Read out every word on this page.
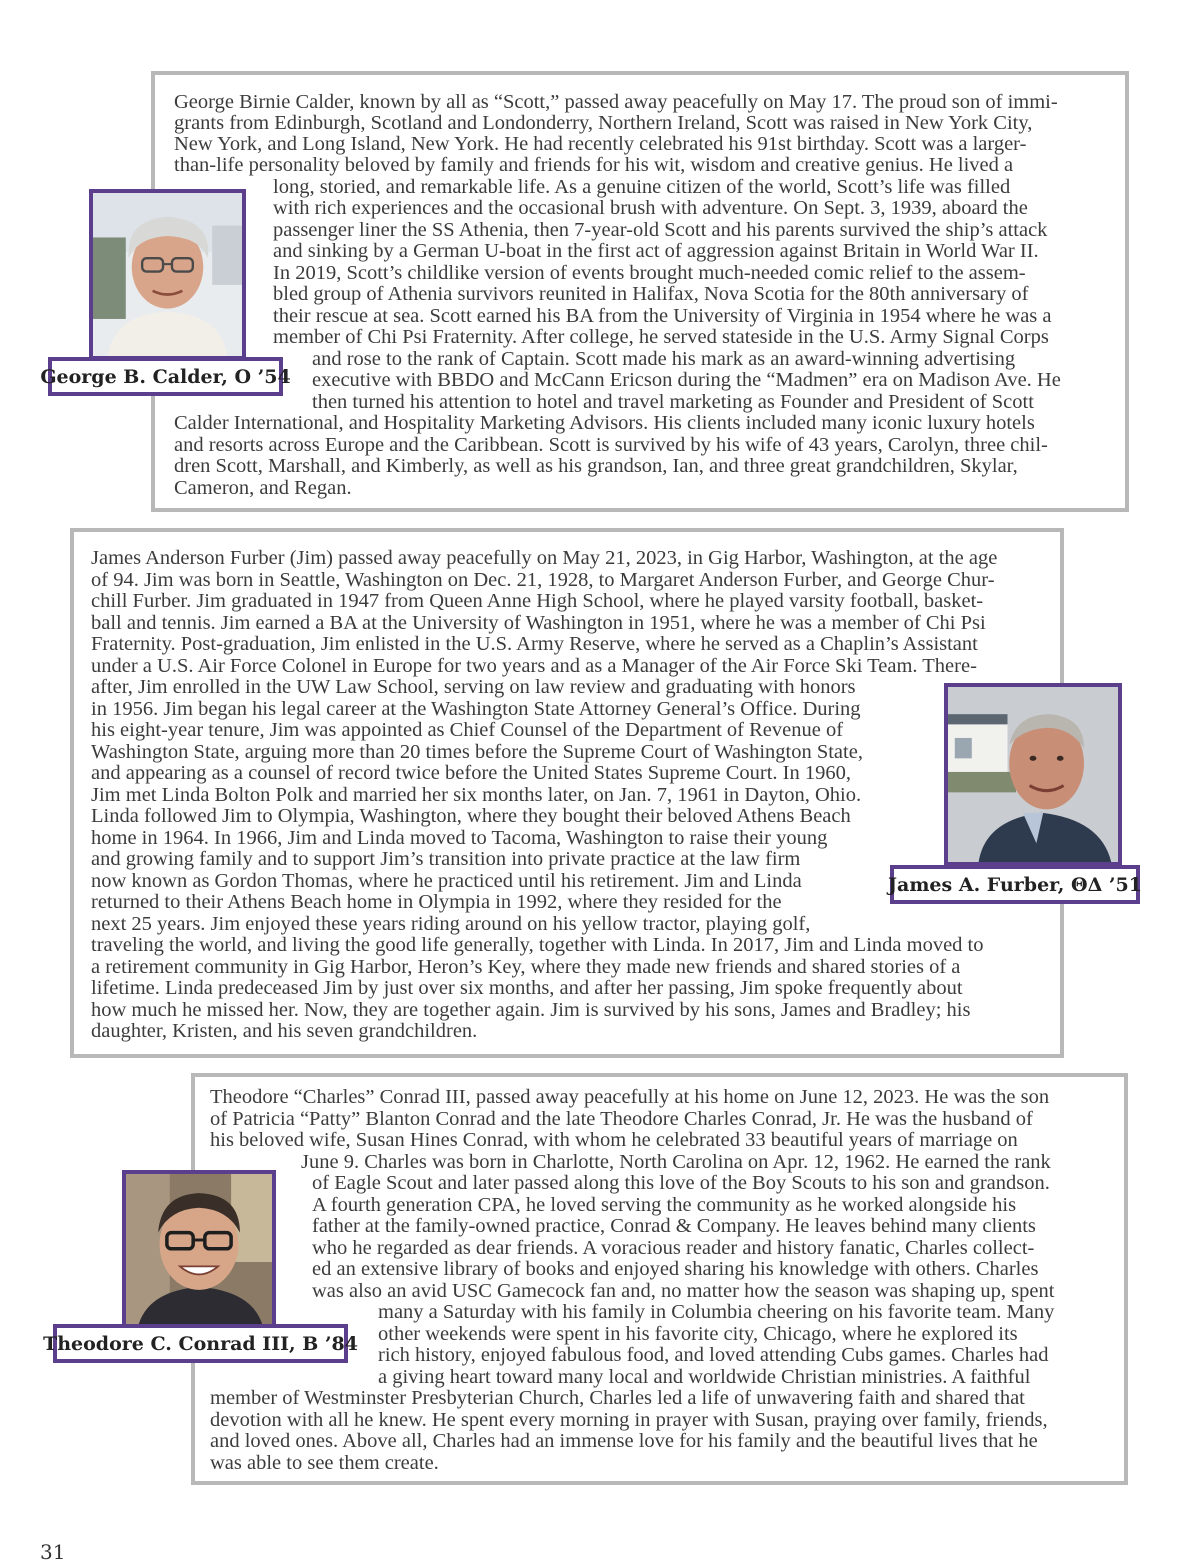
George Birnie Calder, known by all as “Scott,” passed away peacefully on May 17. The proud son of immi-
grants from Edinburgh, Scotland and Londonderry, Northern Ireland, Scott was raised in New York City,
New York, and Long Island, New York. He had recently celebrated his 91st birthday. Scott was a larger-
than-life personality beloved by family and friends for his wit, wisdom and creative genius. He lived a
long, storied, and remarkable life. As a genuine citizen of the world, Scott’s life was filled
with rich experiences and the occasional brush with adventure. On Sept. 3, 1939, aboard the
passenger liner the SS Athenia, then 7-year-old Scott and his parents survived the ship’s attack
and sinking by a German U-boat in the first act of aggression against Britain in World War II.
In 2019, Scott’s childlike version of events brought much-needed comic relief to the assem-
bled group of Athenia survivors reunited in Halifax, Nova Scotia for the 80th anniversary of
their rescue at sea. Scott earned his BA from the University of Virginia in 1954 where he was a
member of Chi Psi Fraternity. After college, he served stateside in the U.S. Army Signal Corps
and rose to the rank of Captain. Scott made his mark as an award-winning advertising
executive with BBDO and McCann Ericson during the “Madmen” era on Madison Ave. He
then turned his attention to hotel and travel marketing as Founder and President of Scott
Calder International, and Hospitality Marketing Advisors. His clients included many iconic luxury hotels
and resorts across Europe and the Caribbean. Scott is survived by his wife of 43 years, Carolyn, three chil-
dren Scott, Marshall, and Kimberly, as well as his grandson, Ian, and three great grandchildren, Skylar,
Cameron, and Regan.
George B. Calder, O ’54
James Anderson Furber (Jim) passed away peacefully on May 21, 2023, in Gig Harbor, Washington, at the age
of 94. Jim was born in Seattle, Washington on Dec. 21, 1928, to Margaret Anderson Furber, and George Chur-
chill Furber. Jim graduated in 1947 from Queen Anne High School, where he played varsity football, basket-
ball and tennis. Jim earned a BA at the University of Washington in 1951, where he was a member of Chi Psi
Fraternity. Post-graduation, Jim enlisted in the U.S. Army Reserve, where he served as a Chaplin’s Assistant
under a U.S. Air Force Colonel in Europe for two years and as a Manager of the Air Force Ski Team. There-
after, Jim enrolled in the UW Law School, serving on law review and graduating with honors
in 1956. Jim began his legal career at the Washington State Attorney General’s Office. During
his eight-year tenure, Jim was appointed as Chief Counsel of the Department of Revenue of
Washington State, arguing more than 20 times before the Supreme Court of Washington State,
and appearing as a counsel of record twice before the United States Supreme Court. In 1960,
Jim met Linda Bolton Polk and married her six months later, on Jan. 7, 1961 in Dayton, Ohio.
Linda followed Jim to Olympia, Washington, where they bought their beloved Athens Beach
home in 1964. In 1966, Jim and Linda moved to Tacoma, Washington to raise their young
and growing family and to support Jim’s transition into private practice at the law firm
now known as Gordon Thomas, where he practiced until his retirement. Jim and Linda
returned to their Athens Beach home in Olympia in 1992, where they resided for the
next 25 years. Jim enjoyed these years riding around on his yellow tractor, playing golf,
traveling the world, and living the good life generally, together with Linda. In 2017, Jim and Linda moved to
a retirement community in Gig Harbor, Heron’s Key, where they made new friends and shared stories of a
lifetime. Linda predeceased Jim by just over six months, and after her passing, Jim spoke frequently about
how much he missed her. Now, they are together again. Jim is survived by his sons, James and Bradley; his
daughter, Kristen, and his seven grandchildren.
James A. Furber, ΘΔ ’51
Theodore “Charles” Conrad III, passed away peacefully at his home on June 12, 2023. He was the son
of Patricia “Patty” Blanton Conrad and the late Theodore Charles Conrad, Jr. He was the husband of
his beloved wife, Susan Hines Conrad, with whom he celebrated 33 beautiful years of marriage on
June 9. Charles was born in Charlotte, North Carolina on Apr. 12, 1962. He earned the rank
of Eagle Scout and later passed along this love of the Boy Scouts to his son and grandson.
A fourth generation CPA, he loved serving the community as he worked alongside his
father at the family-owned practice, Conrad & Company. He leaves behind many clients
who he regarded as dear friends. A voracious reader and history fanatic, Charles collect-
ed an extensive library of books and enjoyed sharing his knowledge with others. Charles
was also an avid USC Gamecock fan and, no matter how the season was shaping up, spent
many a Saturday with his family in Columbia cheering on his favorite team. Many
other weekends were spent in his favorite city, Chicago, where he explored its
rich history, enjoyed fabulous food, and loved attending Cubs games. Charles had
a giving heart toward many local and worldwide Christian ministries. A faithful
member of Westminster Presbyterian Church, Charles led a life of unwavering faith and shared that
devotion with all he knew. He spent every morning in prayer with Susan, praying over family, friends,
and loved ones. Above all, Charles had an immense love for his family and the beautiful lives that he
was able to see them create.
Theodore C. Conrad III, B ’84
31
